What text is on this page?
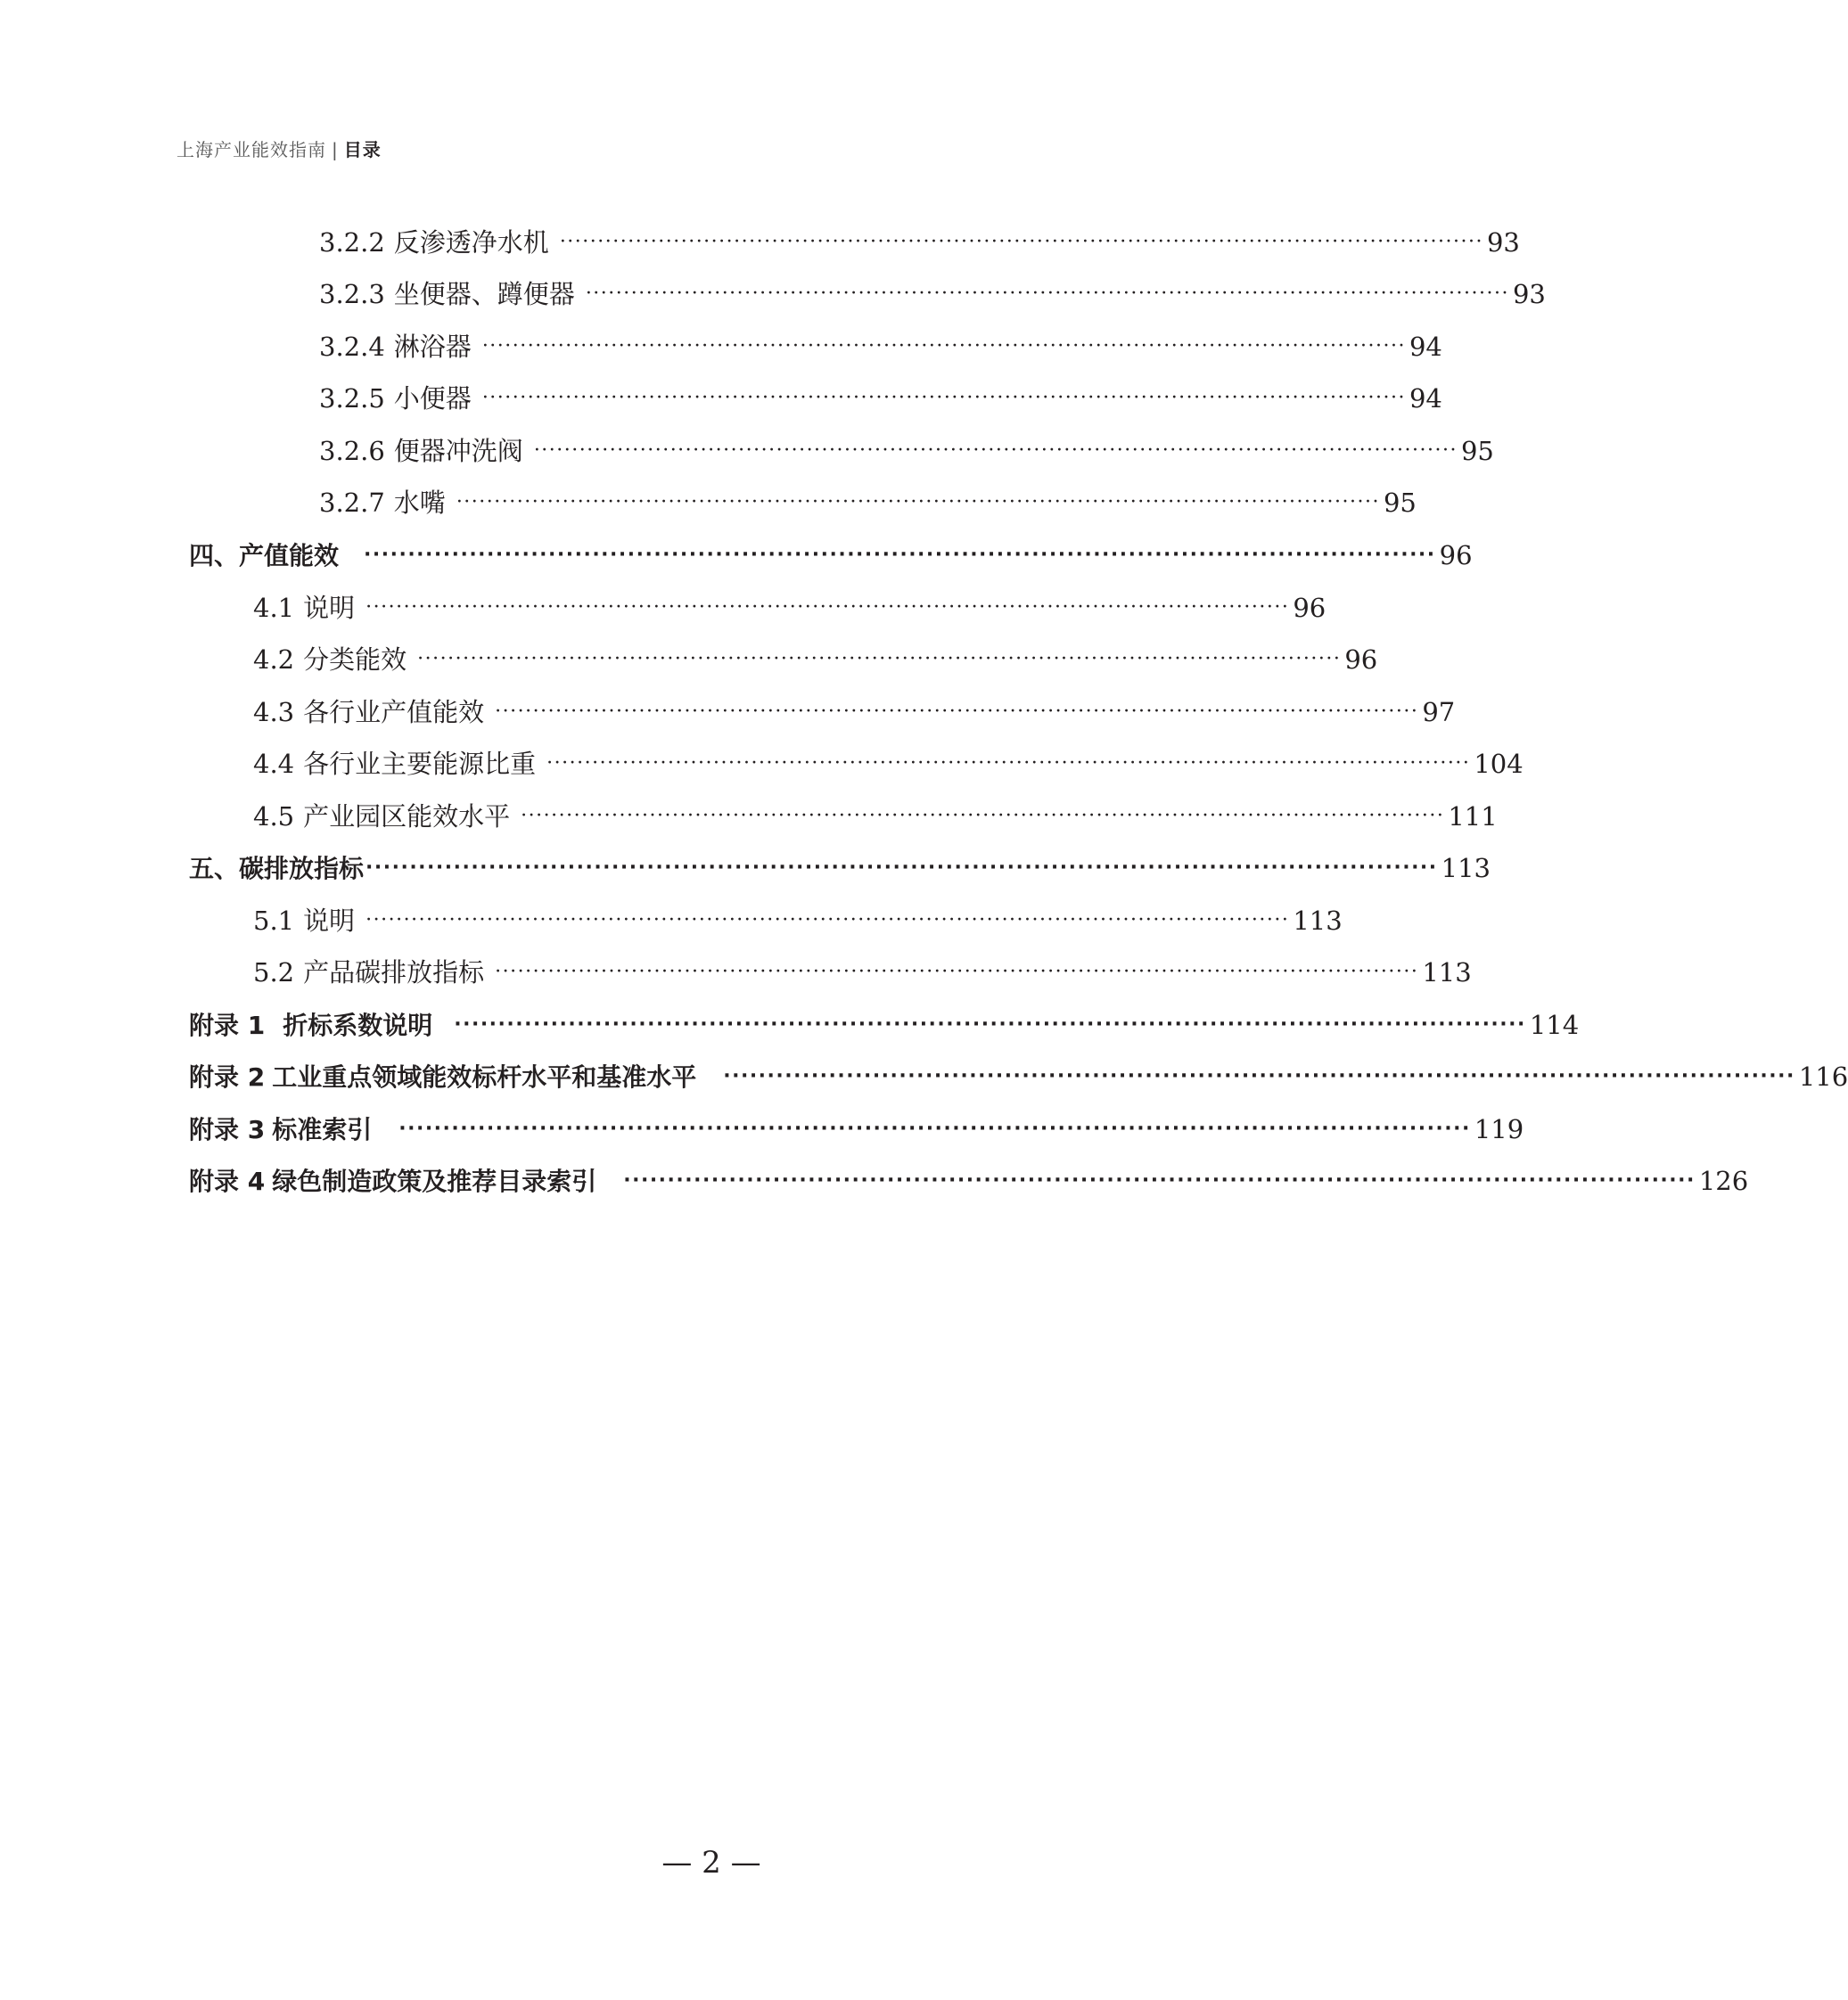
上海产业能效指南 | 目录
3.2.2 反渗透净水机 ·························································································································· 93
3.2.3 坐便器、蹲便器 ·························································································································· 93
3.2.4 淋浴器 ·························································································································· 94
3.2.5 小便器 ·························································································································· 94
3.2.6 便器冲洗阀 ·························································································································· 95
3.2.7 水嘴 ·························································································································· 95
四、 产值能效 ·························································································································· 96
4.1 说明 ·························································································································· 96
4.2 分类能效 ·························································································································· 96
4.3 各行业产值能效 ·························································································································· 97
4.4 各行业主要能源比重 ·························································································································· 104
4.5 产业园区能效水平 ·························································································································· 111
五、 碳排放指标 ·························································································································· 113
5.1 说明 ·························································································································· 113
5.2 产品碳排放指标 ·························································································································· 113
附录 1 折标系数说明 ·························································································································· 114
附录 2 工业重点领域能效标杆水平和基准水平 ·························································································································· 116
附录 3 标准索引 ·························································································································· 119
附录 4 绿色制造政策及推荐目录索引 ·························································································································· 126
— 2 —
